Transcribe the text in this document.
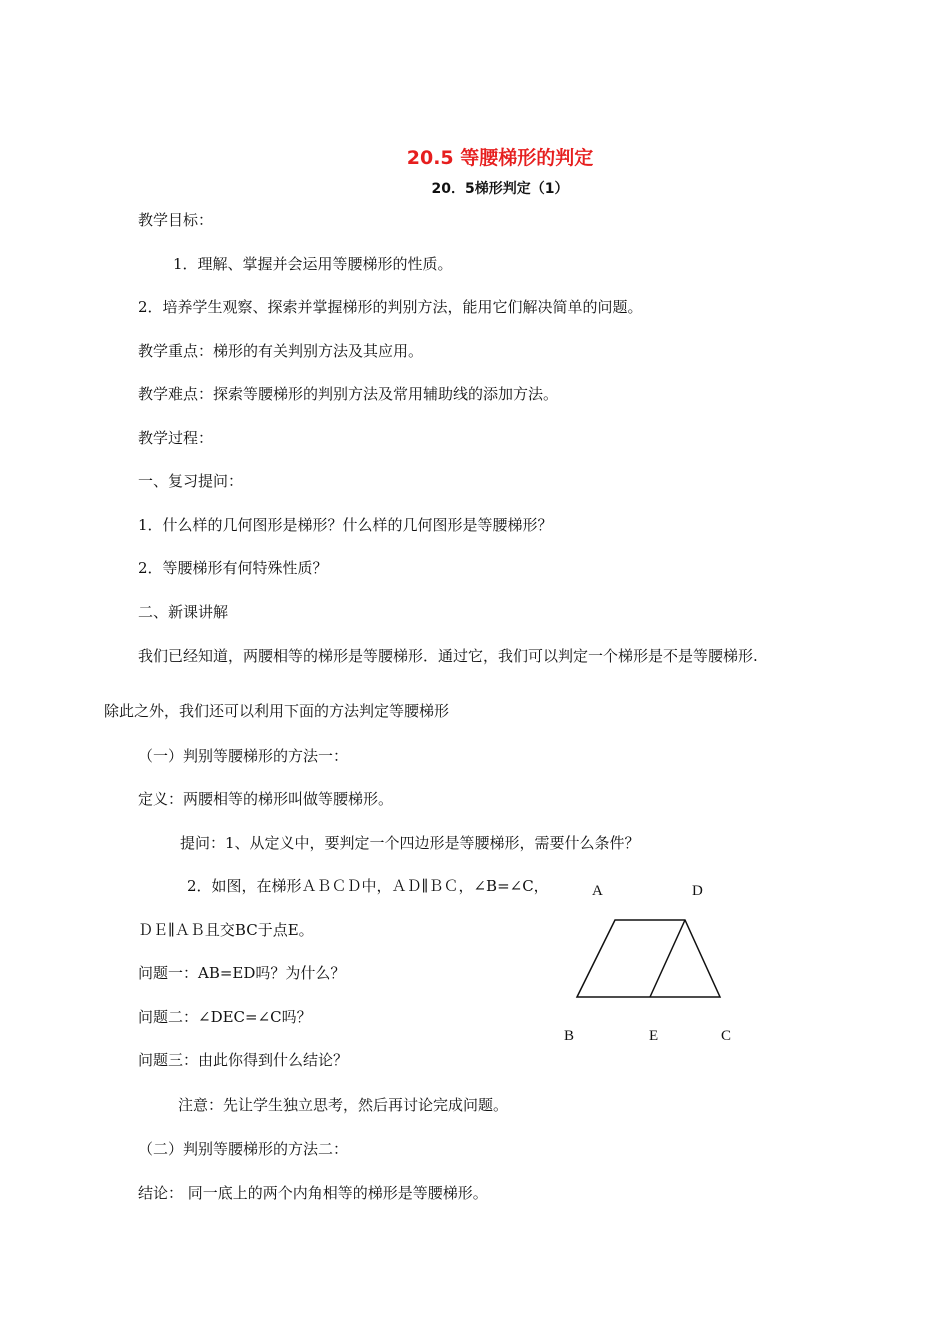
20.5 等腰梯形的判定
20．5梯形判定（1）
教学目标：
1．理解、掌握并会运用等腰梯形的性质。
2．培养学生观察、探索并掌握梯形的判别方法，能用它们解决简单的问题。
教学重点：梯形的有关判别方法及其应用。
教学难点：探索等腰梯形的判别方法及常用辅助线的添加方法。
教学过程：
一、复习提问：
1．什么样的几何图形是梯形？什么样的几何图形是等腰梯形？
2．等腰梯形有何特殊性质？
二、新课讲解
我们已经知道，两腰相等的梯形是等腰梯形．通过它，我们可以判定一个梯形是不是等腰梯形.
除此之外，我们还可以利用下面的方法判定等腰梯形
（一）判别等腰梯形的方法一：
定义：两腰相等的梯形叫做等腰梯形。
提问：1、从定义中，要判定一个四边形是等腰梯形，需要什么条件？
2．如图，在梯形ＡＢＣＤ中，ＡＤ∥ＢＣ，∠B=∠C，
ＤＥ∥ＡＢ且交BC于点E。
问题一：AB=ED吗？为什么？
问题二：∠DEC=∠C吗？
问题三：由此你得到什么结论？
注意：先让学生独立思考，然后再讨论完成问题。
（二）判别等腰梯形的方法二：
结论： 同一底上的两个内角相等的梯形是等腰梯形。
A	D
B	E	C
